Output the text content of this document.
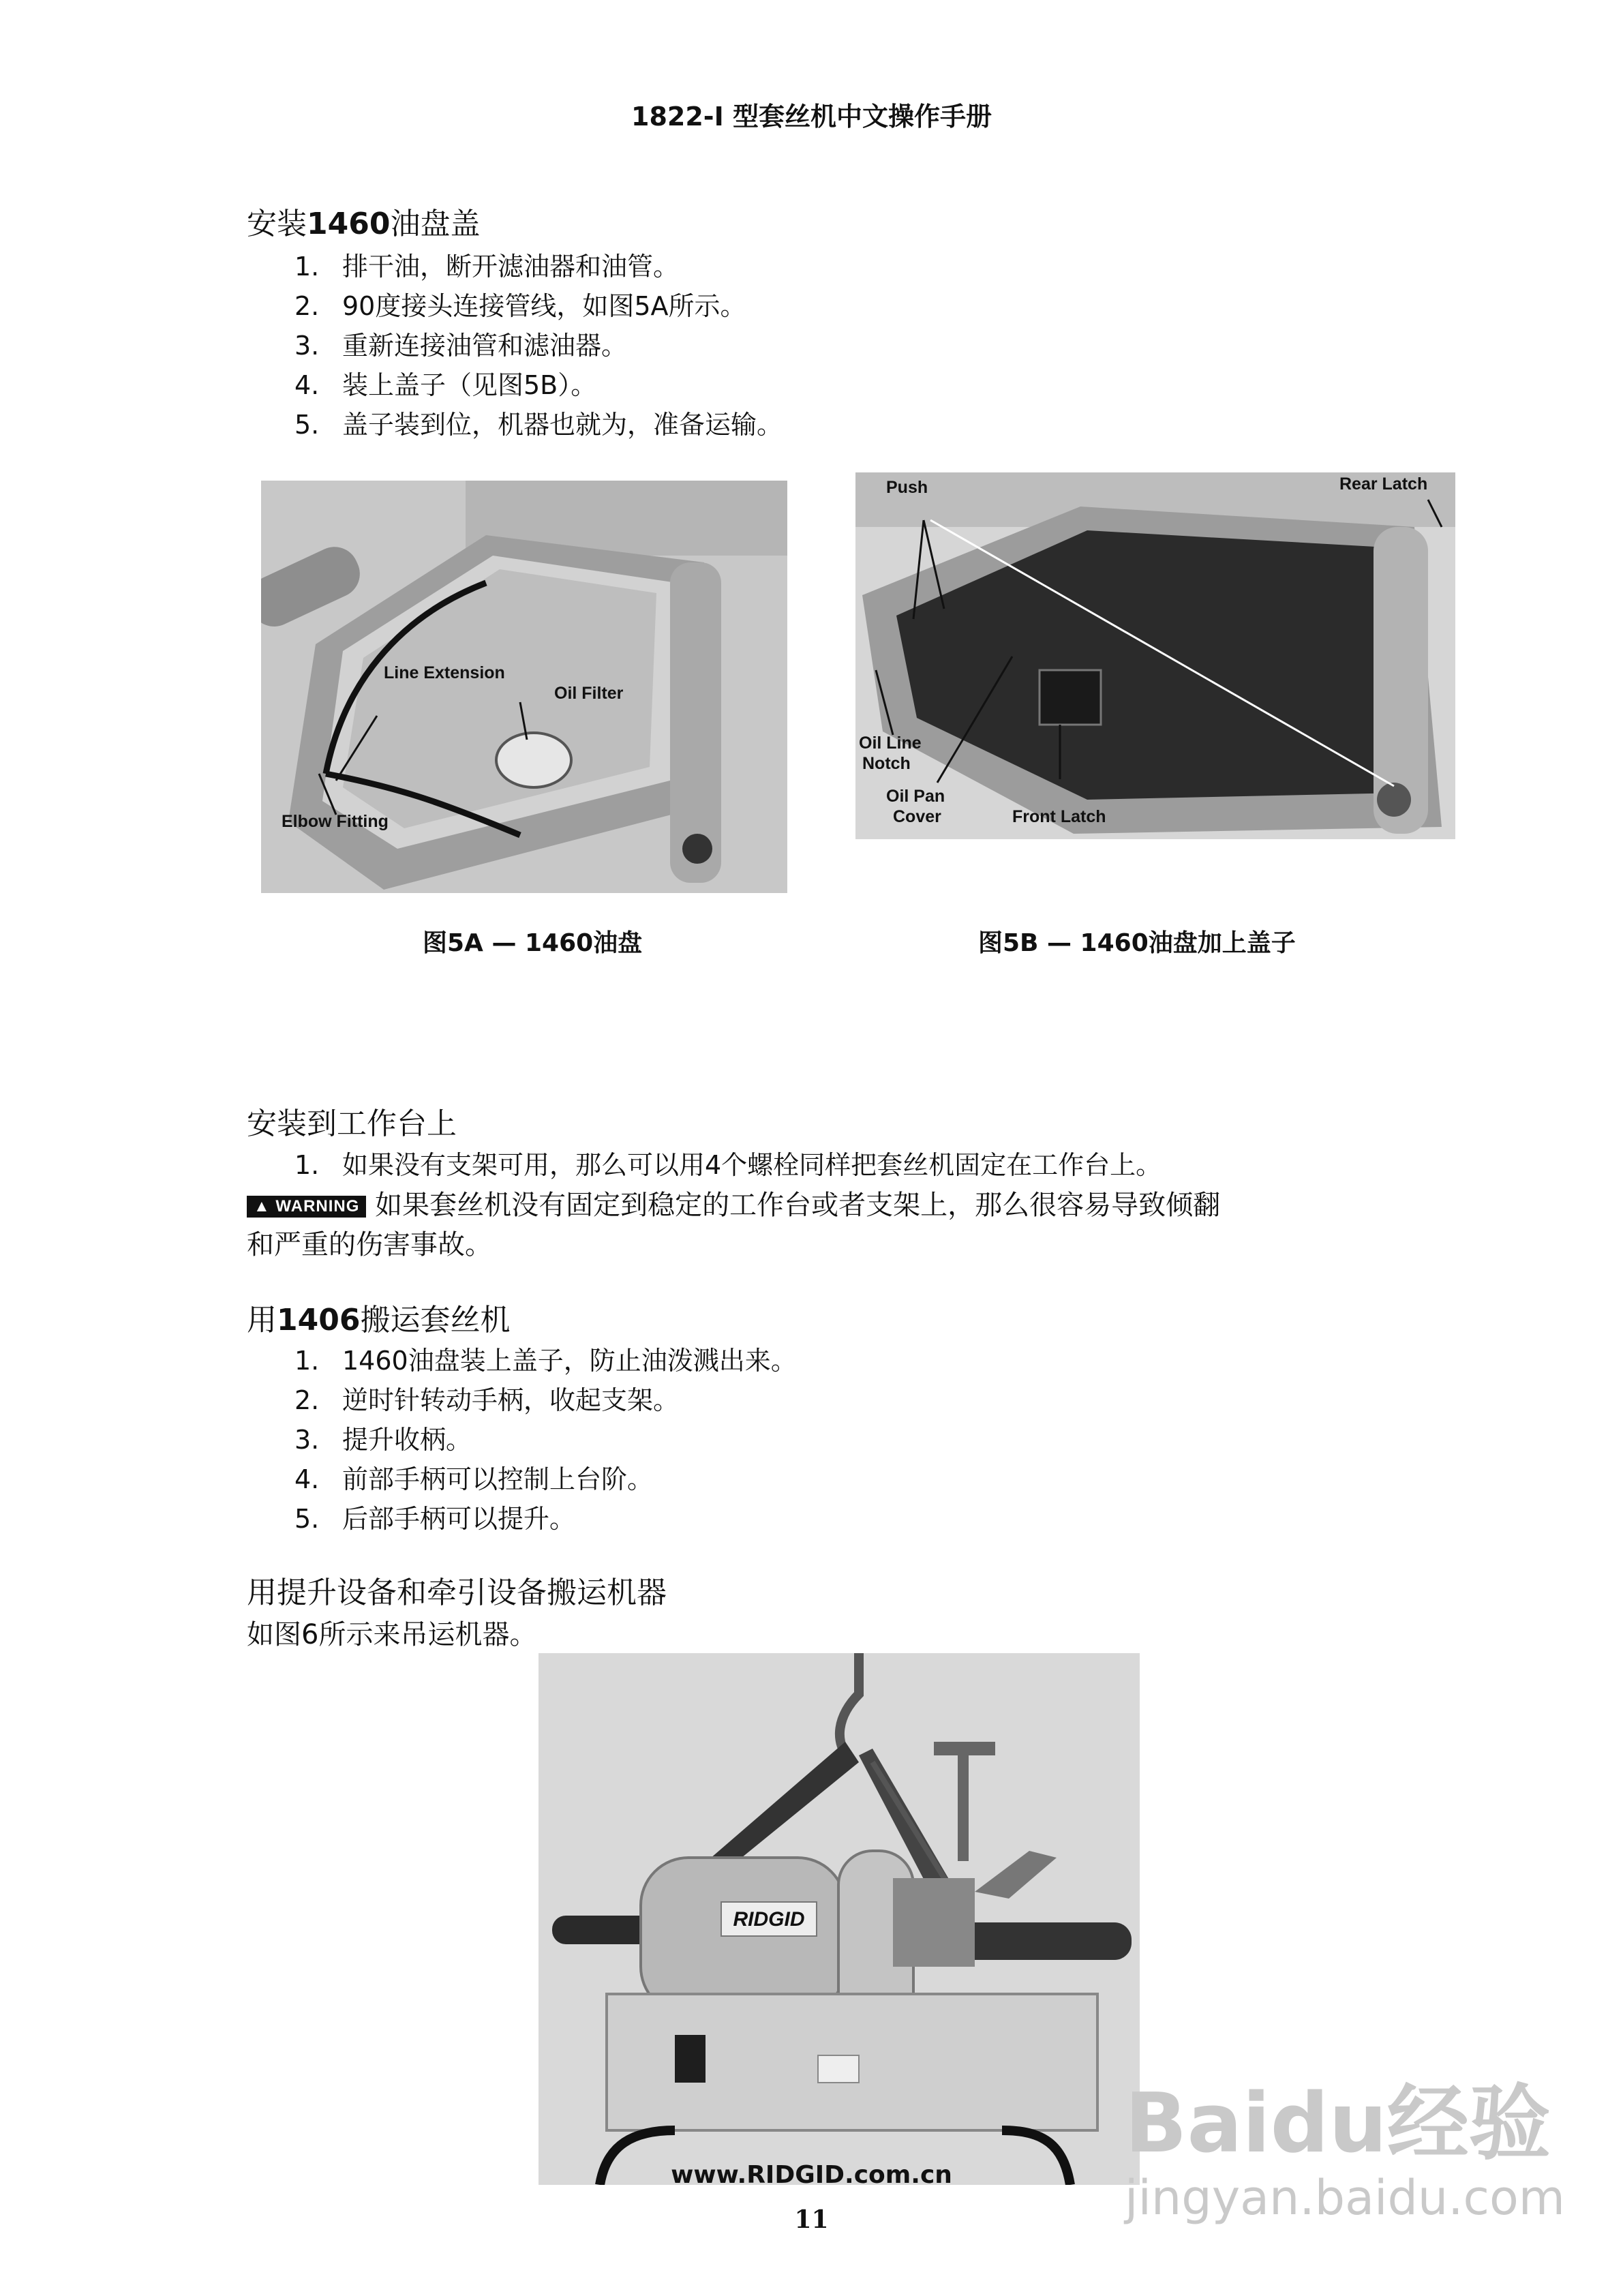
1822-I 型套丝机中文操作手册
安装1460油盘盖
1. 排干油，断开滤油器和油管。
2. 90度接头连接管线，如图5A所示。
3. 重新连接油管和滤油器。
4. 装上盖子（见图5B）。
5. 盖子装到位，机器也就为，准备运输。
Line Extension
Oil Filter
Elbow Fitting
图5A — 1460油盘
Push	Rear Latch
Oil Line
Notch
Oil Pan
Cover	Front Latch
图5B — 1460油盘加上盖子
安装到工作台上
1. 如果没有支架可用，那么可以用4个螺栓同样把套丝机固定在工作台上。
▲ WARNING 如果套丝机没有固定到稳定的工作台或者支架上，那么很容易导致倾翻
和严重的伤害事故。
用1406搬运套丝机
1. 1460油盘装上盖子，防止油泼溅出来。
2. 逆时针转动手柄，收起支架。
3. 提升收柄。
4. 前部手柄可以控制上台阶。
5. 后部手柄可以提升。
用提升设备和牵引设备搬运机器
如图6所示来吊运机器。
RIDGID
www.RIDGID.com.cn
11
Baidu经验
jingyan.baidu.com
